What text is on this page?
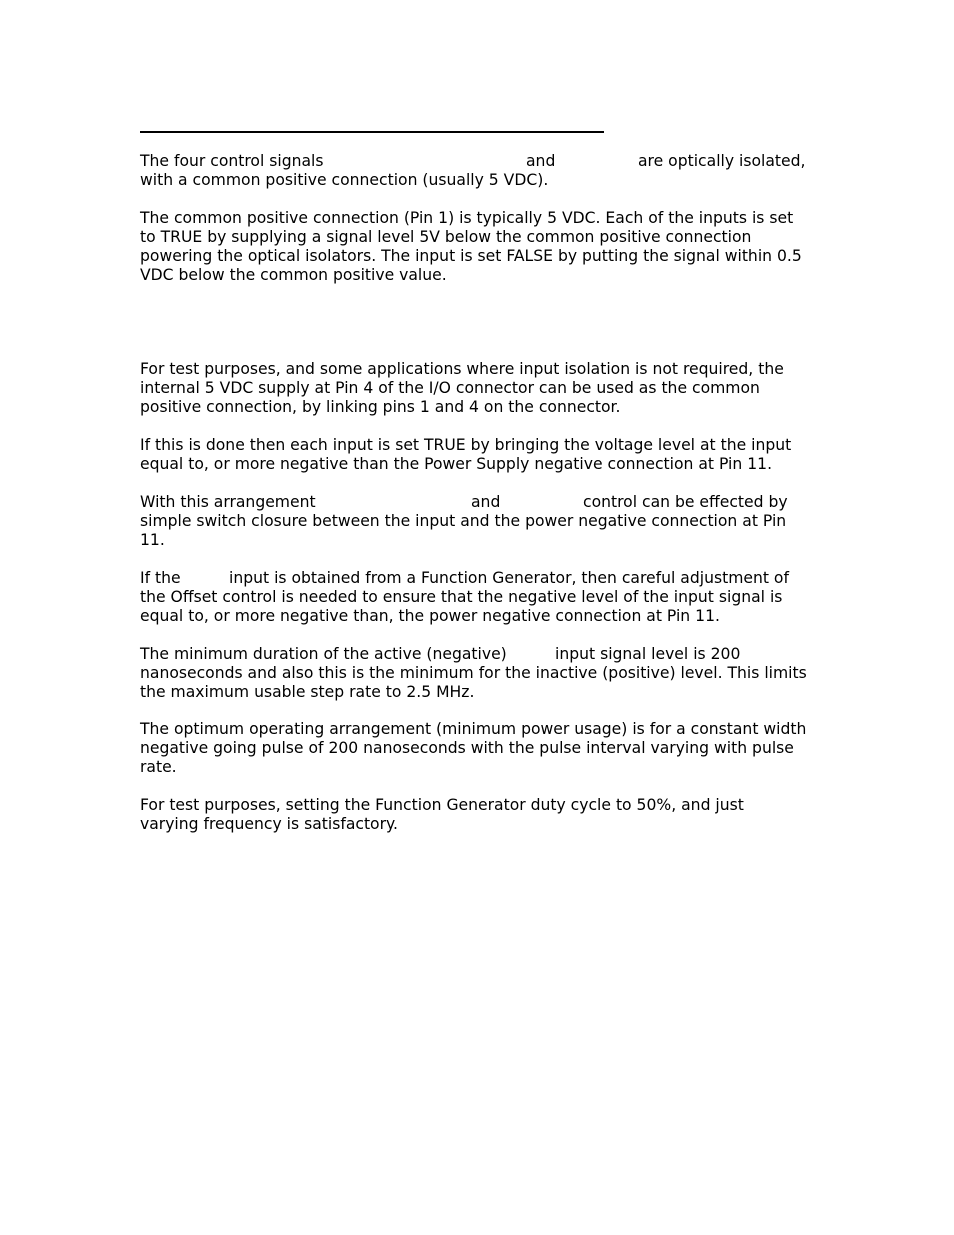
The four control signals	and	are optically isolated,
with a common positive connection (usually 5 VDC).
The common positive connection (Pin 1) is typically 5 VDC. Each of the inputs is set
to TRUE by supplying a signal level 5V below the common positive connection
powering the optical isolators. The input is set FALSE by putting the signal within 0.5
VDC below the common positive value.
For test purposes, and some applications where input isolation is not required, the
internal 5 VDC supply at Pin 4 of the I/O connector can be used as the common
positive connection, by linking pins 1 and 4 on the connector.
If this is done then each input is set TRUE by bringing the voltage level at the input
equal to, or more negative than the Power Supply negative connection at Pin 11.
With this arrangement	and	control can be effected by
simple switch closure between the input and the power negative connection at Pin
11.
If the	input is obtained from a Function Generator, then careful adjustment of
the Offset control is needed to ensure that the negative level of the input signal is
equal to, or more negative than, the power negative connection at Pin 11.
The minimum duration of the active (negative)	input signal level is 200
nanoseconds and also this is the minimum for the inactive (positive) level. This limits
the maximum usable step rate to 2.5 MHz.
The optimum operating arrangement (minimum power usage) is for a constant width
negative going pulse of 200 nanoseconds with the pulse interval varying with pulse
rate.
For test purposes, setting the Function Generator duty cycle to 50%, and just
varying frequency is satisfactory.
